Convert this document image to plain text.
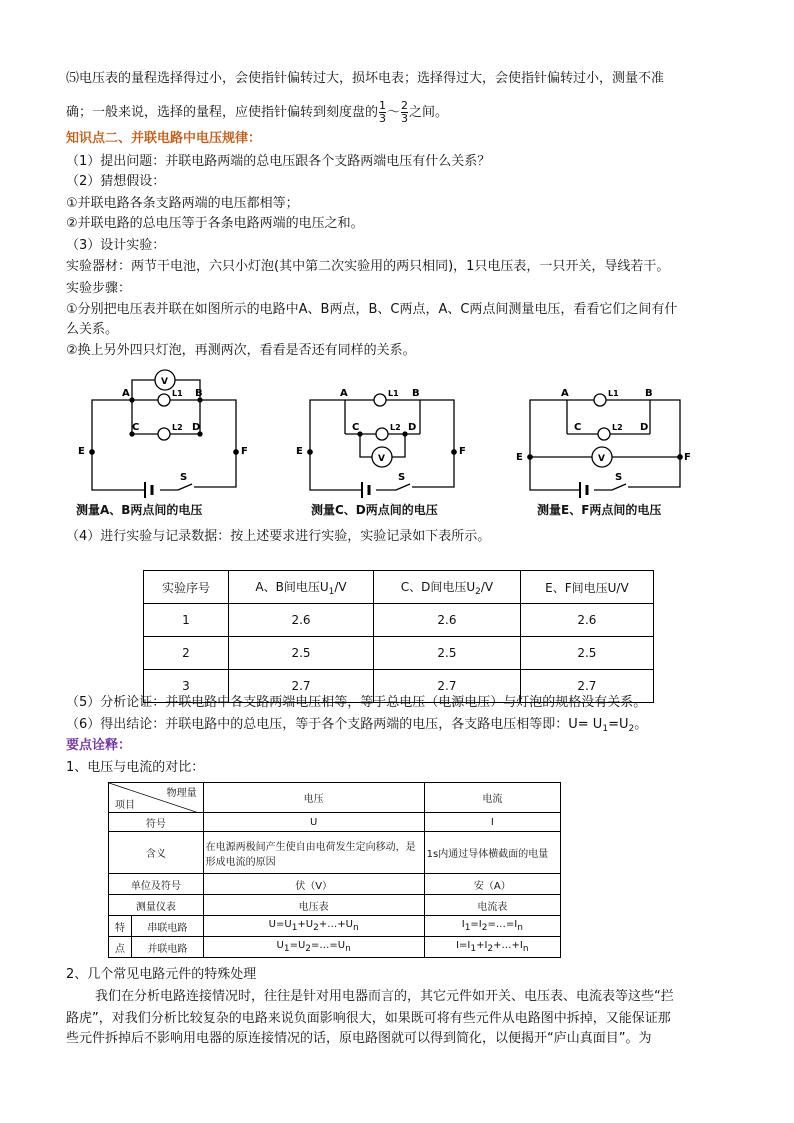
⑸电压表的量程选择得过小，会使指针偏转过大，损坏电表；选择得过大，会使指针偏转过小，测量不准
确；一般来说，选择的量程，应使指针偏转到刻度盘的 $\frac{1}{3}$ ～ $\frac{2}{3}$ 之间。
知识点二、并联电路中电压规律：
（1）提出问题：并联电路两端的总电压跟各个支路两端电压有什么关系？
（2）猜想假设：
①并联电路各条支路两端的电压都相等；
②并联电路的总电压等于各条电路两端的电压之和。
（3）设计实验：
实验器材：两节干电池，六只小灯泡(其中第二次实验用的两只相同)，1只电压表，一只开关，导线若干。
实验步骤：
①分别把电压表并联在如图所示的电路中A、B两点，B、C两点，A、C两点间测量电压，看看它们之间有什
么关系。
②换上另外四只灯泡，再测两次，看看是否还有同样的关系。
A	B
C	D
E	F
L1
L2
S
V
A	B
C	D
E	F
L1
L2
S
V
A	B
C	D
E	F
L1
L2
S
V
测量A、B两点间的电压	测量C、D两点间的电压	测量E、F两点间的电压
（4）进行实验与记录数据：按上述要求进行实验，实验记录如下表所示。
实验序号	A、B间电压$U_1/V$	C、D间电压$U_2/V$	E、F间电压U/V
1	2.6	2.6	2.6
2	2.5	2.5	2.5
3	2.7	2.7	2.7
（5）分析论证：并联电路中各支路两端电压相等，等于总电压（电源电压）与灯泡的规格没有关系。
（6）得出结论：并联电路中的总电压，等于各个支路两端的电压，各支路电压相等即：$U= U_1=U_2$。
要点诠释：
1、电压与电流的对比：
物理量
项目		电压	电流
符号		U	I
含义		在电源两极间产生使自由电荷发生定向移动，是形成电流的原因	1s内通过导体横截面的电量
单位及符号		伏（V）	安（A）
测量仪表		电压表	电流表
特	串联电路	U=U1+U2+…+Un	I1=I2=…=In
点	并联电路	U1=U2=…=Un	I=I1+I2+…+In
2、几个常见电路元件的特殊处理
我们在分析电路连接情况时，往往是针对用电器而言的，其它元件如开关、电压表、电流表等这些“拦
路虎”，对我们分析比较复杂的电路来说负面影响很大，如果既可将有些元件从电路图中拆掉，又能保证那
些元件拆掉后不影响用电器的原连接情况的话，原电路图就可以得到简化，以便揭开“庐山真面目”。为
